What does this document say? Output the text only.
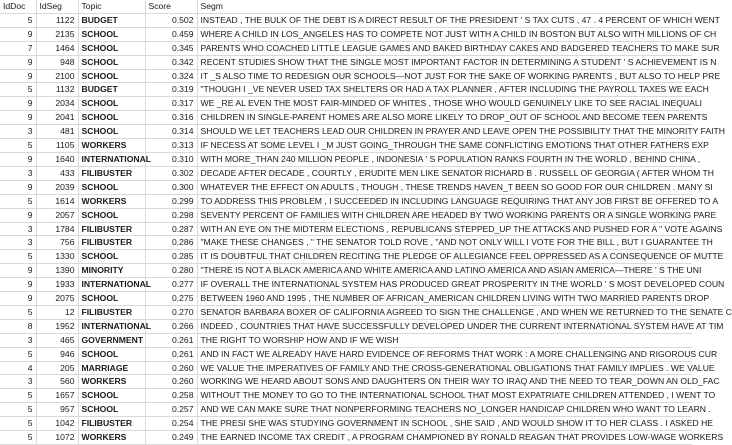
IdDoc	IdSeg	Topic	Score	Segm
5	1122	BUDGET	0.502	INSTEAD , THE BULK OF THE DEBT IS A DIRECT RESULT OF THE PRESIDENT ' S TAX CUTS , 47 . 4 PERCENT OF WHICH WENT
9	2135	SCHOOL	0.459	WHERE A CHILD IN LOS_ANGELES HAS TO COMPETE NOT JUST WITH A CHILD IN BOSTON BUT ALSO WITH MILLIONS OF CH
7	1464	SCHOOL	0.345	PARENTS WHO COACHED LITTLE LEAGUE GAMES AND BAKED BIRTHDAY CAKES AND BADGERED TEACHERS TO MAKE SUR
9	948	SCHOOL	0.342	RECENT STUDIES SHOW THAT THE SINGLE MOST IMPORTANT FACTOR IN DETERMINING A STUDENT ' S ACHIEVEMENT IS N
9	2100	SCHOOL	0.324	IT _S ALSO TIME TO REDESIGN OUR SCHOOLS—NOT JUST FOR THE SAKE OF WORKING PARENTS , BUT ALSO TO HELP PRE
5	1132	BUDGET	0.319	"THOUGH I _VE NEVER USED TAX SHELTERS OR HAD A TAX PLANNER , AFTER INCLUDING THE PAYROLL TAXES WE EACH
9	2034	SCHOOL	0.317	WE _RE AL EVEN THE MOST FAIR-MINDED OF WHITES , THOSE WHO WOULD GENUINELY LIKE TO SEE RACIAL INEQUALI
9	2041	SCHOOL	0.316	CHILDREN IN SINGLE-PARENT HOMES ARE ALSO MORE LIKELY TO DROP_OUT OF SCHOOL AND BECOME TEEN PARENTS
3	481	SCHOOL	0.314	SHOULD WE LET TEACHERS LEAD OUR CHILDREN IN PRAYER AND LEAVE OPEN THE POSSIBILITY THAT THE MINORITY FAITH
5	1105	WORKERS	0.313	IF NECESS AT SOME LEVEL I _M JUST GOING_THROUGH THE SAME CONFLICTING EMOTIONS THAT OTHER FATHERS EXP
9	1640	INTERNATIONAL	0.310	WITH MORE_THAN 240 MILLION PEOPLE , INDONESIA ' S POPULATION RANKS FOURTH IN THE WORLD , BEHIND CHINA ,
3	433	FILIBUSTER	0.302	DECADE AFTER DECADE , COURTLY , ERUDITE MEN LIKE SENATOR RICHARD B . RUSSELL OF GEORGIA ( AFTER WHOM TH
9	2039	SCHOOL	0.300	WHATEVER THE EFFECT ON ADULTS , THOUGH , THESE TRENDS HAVEN_T BEEN SO GOOD FOR OUR CHILDREN . MANY SI
5	1614	WORKERS	0.299	TO ADDRESS THIS PROBLEM , I SUCCEEDED IN INCLUDING LANGUAGE REQUIRING THAT ANY JOB FIRST BE OFFERED TO A
9	2057	SCHOOL	0.298	SEVENTY PERCENT OF FAMILIES WITH CHILDREN ARE HEADED BY TWO WORKING PARENTS OR A SINGLE WORKING PARE
3	1784	FILIBUSTER	0.287	WITH AN EYE ON THE MIDTERM ELECTIONS , REPUBLICANS STEPPED_UP THE ATTACKS AND PUSHED FOR A " VOTE AGAINS
3	756	FILIBUSTER	0.286	"MAKE THESE CHANGES , " THE SENATOR TOLD ROVE , "AND NOT ONLY WILL I VOTE FOR THE BILL , BUT I GUARANTEE TH
5	1330	SCHOOL	0.285	IT IS DOUBTFUL THAT CHILDREN RECITING THE PLEDGE OF ALLEGIANCE FEEL OPPRESSED AS A CONSEQUENCE OF MUTTE
9	1390	MINORITY	0.280	"THERE IS NOT A BLACK AMERICA AND WHITE AMERICA AND LATINO AMERICA AND ASIAN AMERICA—THERE ' S THE UNI
9	1933	INTERNATIONAL	0.277	IF OVERALL THE INTERNATIONAL SYSTEM HAS PRODUCED GREAT PROSPERITY IN THE WORLD ' S MOST DEVELOPED COUN
9	2075	SCHOOL	0.275	BETWEEN 1960 AND 1995 , THE NUMBER OF AFRICAN_AMERICAN CHILDREN LIVING WITH TWO MARRIED PARENTS DROP
5	12	FILIBUSTER	0.270	SENATOR BARBARA BOXER OF CALIFORNIA AGREED TO SIGN THE CHALLENGE , AND WHEN WE RETURNED TO THE SENATE C
8	1952	INTERNATIONAL	0.266	INDEED , COUNTRIES THAT HAVE SUCCESSFULLY DEVELOPED UNDER THE CURRENT INTERNATIONAL SYSTEM HAVE AT TIM
3	465	GOVERNMENT	0.261	THE RIGHT TO WORSHIP HOW AND IF WE WISH
5	946	SCHOOL	0.261	AND IN FACT WE ALREADY HAVE HARD EVIDENCE OF REFORMS THAT WORK : A MORE CHALLENGING AND RIGOROUS CUR
4	205	MARRIAGE	0.260	WE VALUE THE IMPERATIVES OF FAMILY AND THE CROSS-GENERATIONAL OBLIGATIONS THAT FAMILY IMPLIES . WE VALUE
3	560	WORKERS	0.260	WORKING WE HEARD ABOUT SONS AND DAUGHTERS ON THEIR WAY TO IRAQ AND THE NEED TO TEAR_DOWN AN OLD_FAC
5	1657	SCHOOL	0.258	WITHOUT THE MONEY TO GO TO THE INTERNATIONAL SCHOOL THAT MOST EXPATRIATE CHILDREN ATTENDED , I WENT TO
5	957	SCHOOL	0.257	AND WE CAN MAKE SURE THAT NONPERFORMING TEACHERS NO_LONGER HANDICAP CHILDREN WHO WANT TO LEARN .
5	1042	FILIBUSTER	0.254	THE PRESI SHE WAS STUDYING GOVERNMENT IN SCHOOL , SHE SAID , AND WOULD SHOW IT TO HER CLASS . I ASKED HE
5	1072	WORKERS	0.249	THE EARNED INCOME TAX CREDIT , A PROGRAM CHAMPIONED BY RONALD REAGAN THAT PROVIDES LOW-WAGE WORKERS
